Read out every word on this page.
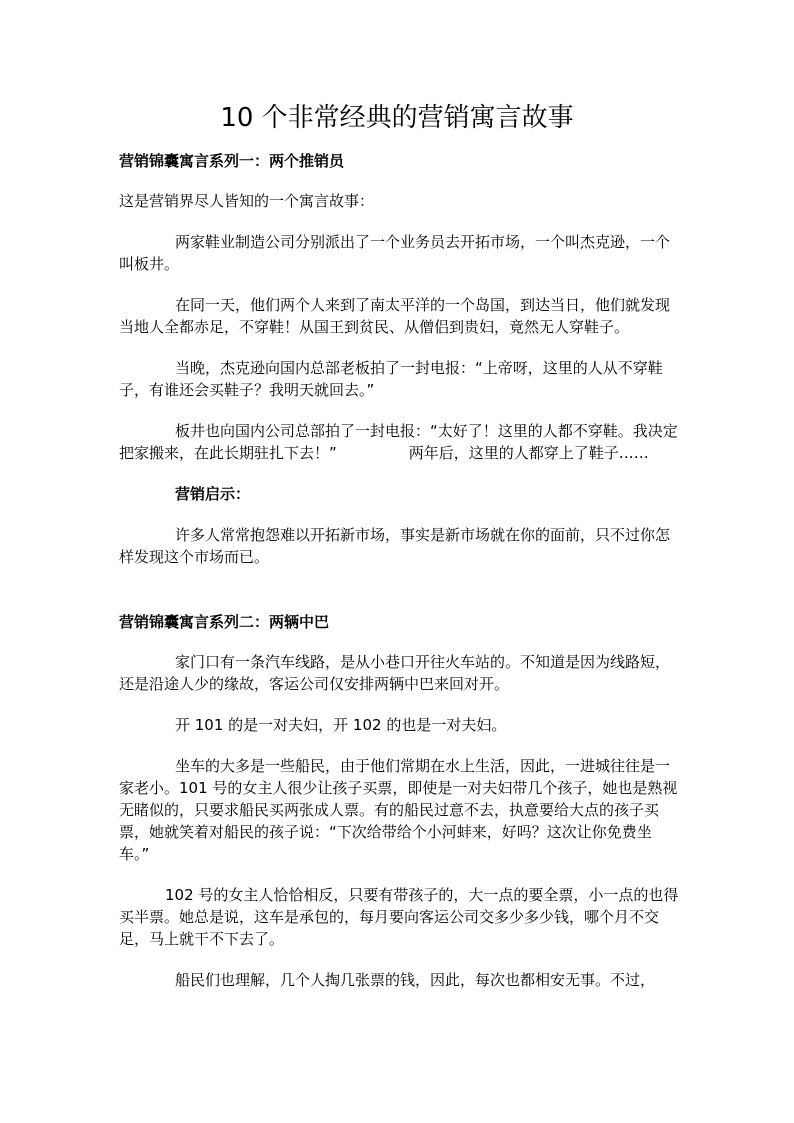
10 个非常经典的营销寓言故事

营销锦囊寓言系列一：两个推销员

这是营销界尽人皆知的一个寓言故事：

两家鞋业制造公司分别派出了一个业务员去开拓市场，一个叫杰克逊，一个叫板井。

在同一天，他们两个人来到了南太平洋的一个岛国，到达当日，他们就发现当地人全都赤足，不穿鞋！从国王到贫民、从僧侣到贵妇，竟然无人穿鞋子。

当晚，杰克逊向国内总部老板拍了一封电报：“上帝呀，这里的人从不穿鞋子，有谁还会买鞋子？我明天就回去。”

板井也向国内公司总部拍了一封电报：“太好了！这里的人都不穿鞋。我决定把家搬来，在此长期驻扎下去！”	两年后，这里的人都穿上了鞋子……

营销启示：

许多人常常抱怨难以开拓新市场，事实是新市场就在你的面前，只不过你怎样发现这个市场而已。

营销锦囊寓言系列二：两辆中巴

家门口有一条汽车线路，是从小巷口开往火车站的。不知道是因为线路短，还是沿途人少的缘故，客运公司仅安排两辆中巴来回对开。

开 101 的是一对夫妇，开 102 的也是一对夫妇。

坐车的大多是一些船民，由于他们常期在水上生活，因此，一进城往往是一家老小。101 号的女主人很少让孩子买票，即使是一对夫妇带几个孩子，她也是熟视无睹似的，只要求船民买两张成人票。有的船民过意不去，执意要给大点的孩子买票，她就笑着对船民的孩子说：“下次给带给个小河蚌来，好吗？这次让你免费坐车。”

102 号的女主人恰恰相反，只要有带孩子的，大一点的要全票，小一点的也得买半票。她总是说，这车是承包的，每月要向客运公司交多少多少钱，哪个月不交足，马上就干不下去了。

船民们也理解，几个人掏几张票的钱，因此，每次也都相安无事。不过，
